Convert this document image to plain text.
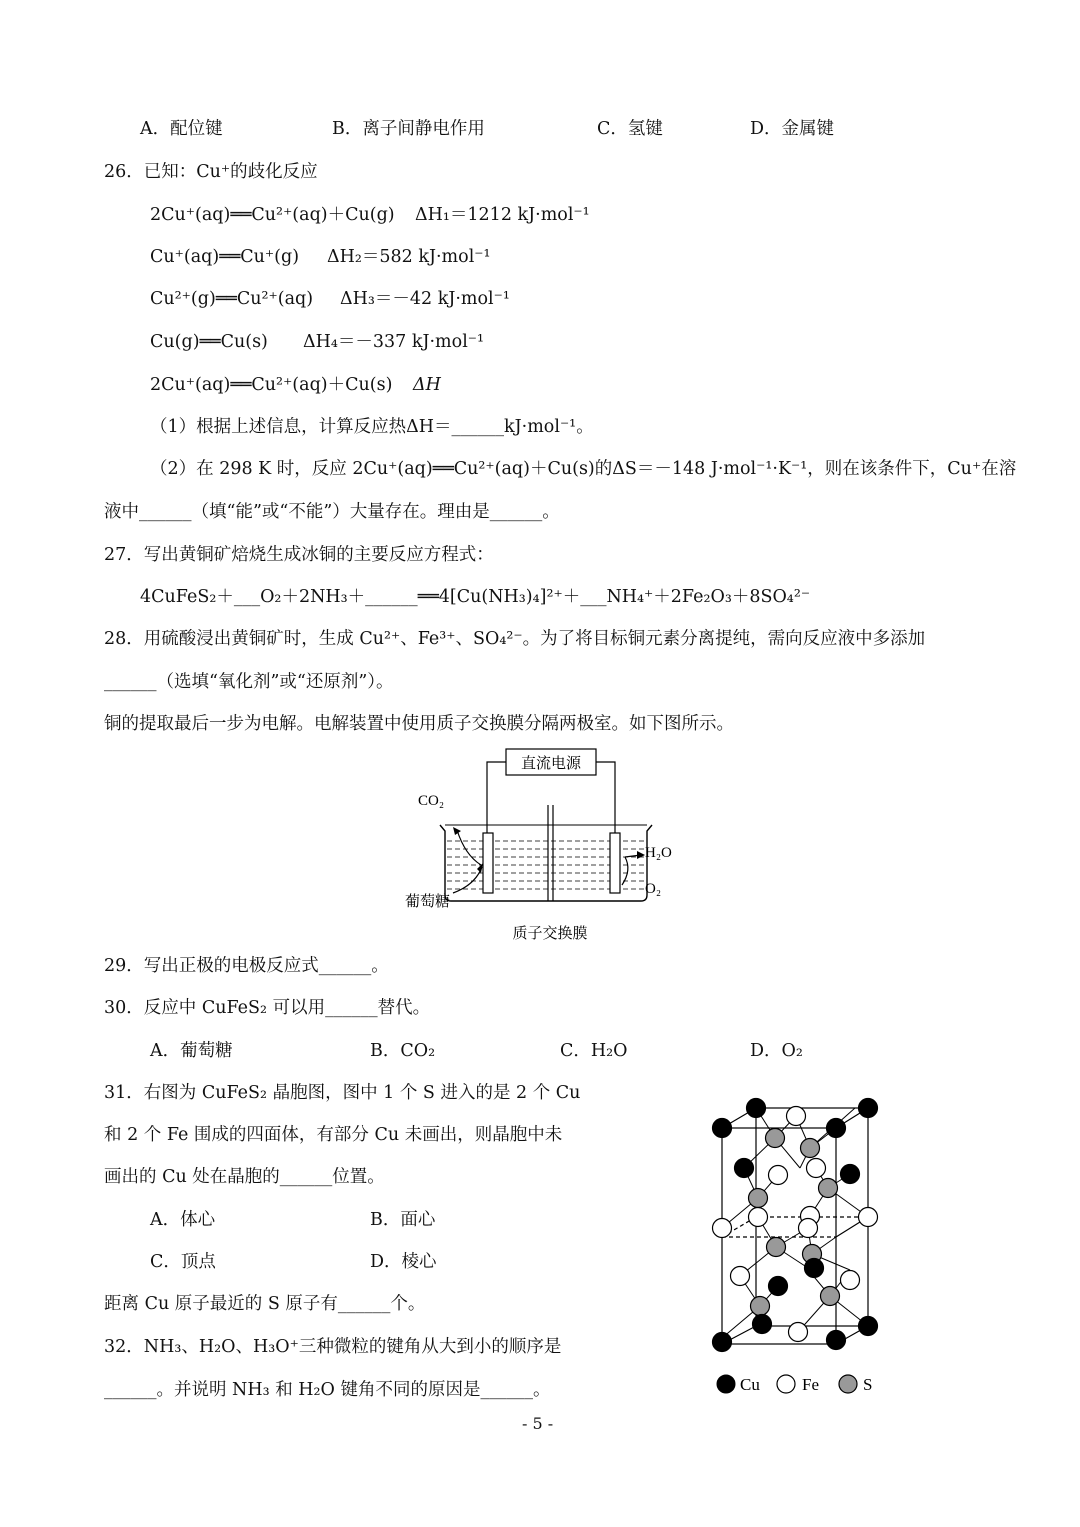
A．配位键	B．离子间静电作用	C．氢键	D．金属键
26．已知：Cu⁺的歧化反应
2Cu⁺(aq)══Cu²⁺(aq)＋Cu(g) ΔH₁＝1212 kJ·mol⁻¹
Cu⁺(aq)══Cu⁺(g) ΔH₂＝582 kJ·mol⁻¹
Cu²⁺(g)══Cu²⁺(aq) ΔH₃＝－42 kJ·mol⁻¹
Cu(g)══Cu(s) ΔH₄＝－337 kJ·mol⁻¹
2Cu⁺(aq)══Cu²⁺(aq)＋Cu(s) ΔH
（1）根据上述信息，计算反应热ΔH＝______kJ·mol⁻¹。
（2）在 298 K 时，反应 2Cu⁺(aq)══Cu²⁺(aq)＋Cu(s)的ΔS＝－148 J·mol⁻¹·K⁻¹，则在该条件下，Cu⁺在溶
液中______（填“能”或“不能”）大量存在。理由是______。
27．写出黄铜矿焙烧生成冰铜的主要反应方程式：
4CuFeS₂＋___O₂＋2NH₃＋______══4[Cu(NH₃)₄]²⁺＋___NH₄⁺＋2Fe₂O₃＋8SO₄²⁻
28．用硫酸浸出黄铜矿时，生成 Cu²⁺、Fe³⁺、SO₄²⁻。为了将目标铜元素分离提纯，需向反应液中多添加
______（选填“氧化剂”或“还原剂”）。
铜的提取最后一步为电解。电解装置中使用质子交换膜分隔两极室。如下图所示。
直流电源
CO₂
H₂O
O₂
葡萄糖
质子交换膜
29．写出正极的电极反应式______。
30．反应中 CuFeS₂ 可以用______替代。
A．葡萄糖	B．CO₂	C．H₂O	D．O₂
31．右图为 CuFeS₂ 晶胞图，图中 1 个 S 进入的是 2 个 Cu
和 2 个 Fe 围成的四面体，有部分 Cu 未画出，则晶胞中未
画出的 Cu 处在晶胞的______位置。
A．体心	B．面心
C．顶点	D．棱心
距离 Cu 原子最近的 S 原子有______个。
32．NH₃、H₂O、H₃O⁺三种微粒的键角从大到小的顺序是
______。并说明 NH₃ 和 H₂O 键角不同的原因是______。	Cu Fe	S
- 5 -
